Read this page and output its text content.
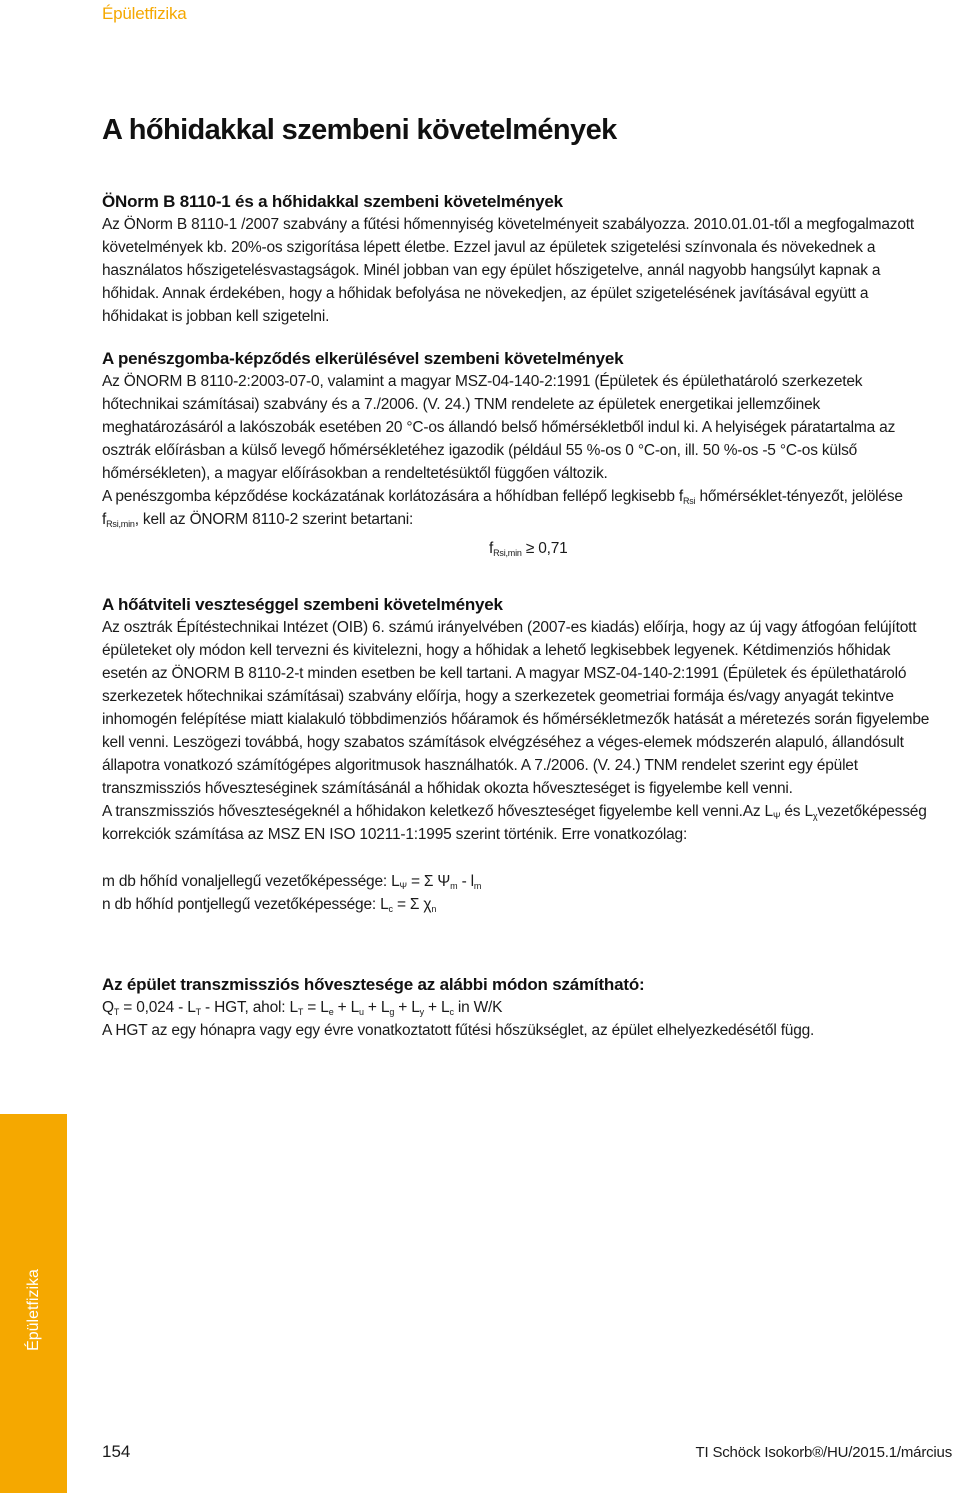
Épületfizika
A hőhidakkal szembeni követelmények
ÖNorm B 8110-1 és a hőhidakkal szembeni követelmények

Az ÖNorm B 8110-1 /2007 szabvány a fűtési hőmennyiség követelményeit szabályozza. 2010.01.01-től a megfogalmazott követelmények kb. 20%-os szigorítása lépett életbe. Ezzel javul az épületek szigetelési színvonala és növekednek a használatos hőszigetelésvastagságok. Minél jobban van egy épület hőszigetelve, annál nagyobb hangsúlyt kapnak a hőhidak. Annak érdekében, hogy a hőhidak befolyása ne növekedjen, az épület szigetelésének javításával együtt a hőhidakat is jobban kell szigetelni.

A penészgomba-képződés elkerülésével szembeni követelmények

Az ÖNORM B 8110-2:2003-07-0, valamint a magyar MSZ-04-140-2:1991 (Épületek és épülethatároló szerkezetek hőtechnikai számításai) szabvány és a 7./2006. (V. 24.) TNM rendelete az épületek energetikai jellemzőinek meghatározásáról a lakószobák esetében 20 °C-os állandó belső hőmérsékletből indul ki. A helyiségek páratartalma az osztrák előírásban a külső levegő hőmérsékletéhez igazodik (például 55 %-os 0 °C-on, ill. 50 %-os -5 °C-os külső hőmérsékleten), a magyar előírásokban a rendeltetésüktől függően változik.

A penészgomba képződése kockázatának korlátozására a hőhídban fellépő legkisebb $f_{Rsi}$ hőmérséklet-tényezőt, jelölése $f_{Rsi,min}$, kell az ÖNORM 8110-2 szerint betartani:

$f_{Rsi,min} \ge 0,71$

A hőátviteli veszteséggel szembeni követelmények

Az osztrák Építéstechnikai Intézet (OIB) 6. számú irányelvében (2007-es kiadás) előírja, hogy az új vagy átfogóan felújított épületeket oly módon kell tervezni és kivitelezni, hogy a hőhidak a lehető legkisebbek legyenek. Kétdimenziós hőhidak esetén az ÖNORM B 8110-2-t minden esetben be kell tartani. A magyar MSZ-04-140-2:1991 (Épületek és épülethatároló szerkezetek hőtechnikai számításai) szabvány előírja, hogy a szerkezetek geometriai formája és/vagy anyagát tekintve inhomogén felépítése miatt kialakuló többdimenziós hőáramok és hőmérsékletmezők hatását a méretezés során figyelembe kell venni. Leszögezi továbbá, hogy szabatos számítások elvégzéséhez a véges-elemek módszerén alapuló, állandósult állapotra vonatkozó számítógépes algoritmusok használhatók. A 7./2006. (V. 24.) TNM rendelet szerint egy épület transzmissziós hőveszteséginek számításánál a hőhidak okozta hőveszteséget is figyelembe kell venni.

A transzmissziós hőveszteségeknél a hőhidakon keletkező hőveszteséget figyelembe kell venni.Az $L_\Psi$ és $L_\chi vezetőképesség$ korrekciók számítása az MSZ EN ISO 10211-1:1995 szerint történik. Erre vonatkozólag:

m db hőhíd vonaljellegű vezetőképessége: $L_\Psi = \Sigma$ $\Psi_m - l_m$

n db hőhíd pontjellegű vezetőképessége: $L_c = \Sigma$ $\chi_n$

Az épület transzmissziós hővesztesége az alábbi módon számítható:

$Q_T = 0,024 - L_T$ - HGT, ahol: $L_T = L_e + L_u + L_g + L_y + L_c$ in W/K

A HGT az egy hónapra vagy egy évre vonatkoztatott fűtési hőszükséglet, az épület elhelyezkedésétől függ.

Épületfizika
154	TI Schöck Isokorb®/HU/2015.1/március
